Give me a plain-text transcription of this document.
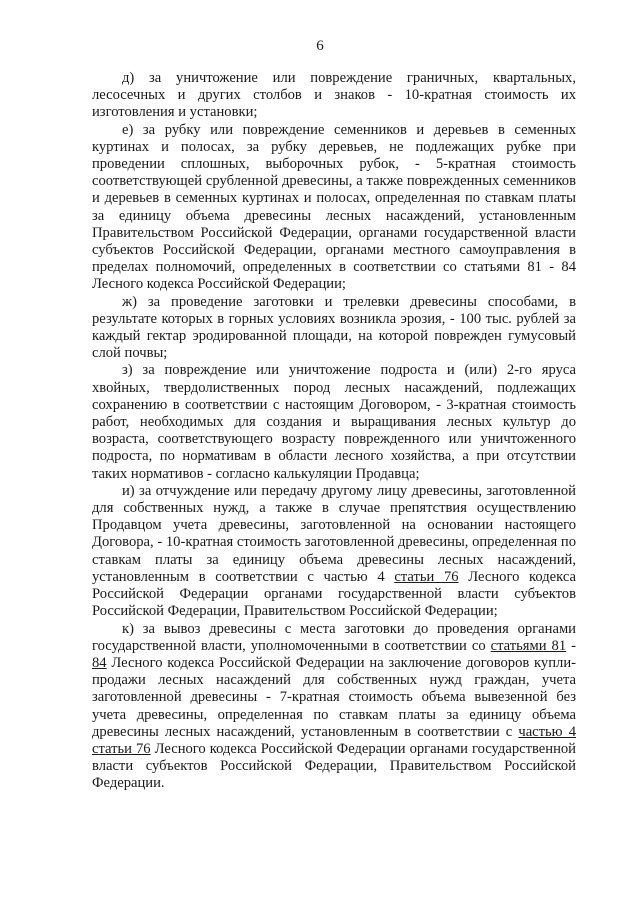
6

д) за уничтожение или повреждение граничных, квартальных, лесосечных и других столбов и знаков - 10-кратная стоимость их изготовления и установки;

е) за рубку или повреждение семенников и деревьев в семенных куртинах и полосах, за рубку деревьев, не подлежащих рубке при проведении сплошных, выборочных рубок, - 5-кратная стоимость соответствующей срубленной древесины, а также поврежденных семенников и деревьев в семенных куртинах и полосах, определенная по ставкам платы за единицу объема древесины лесных насаждений, установленным Правительством Российской Федерации, органами государственной власти субъектов Российской Федерации, органами местного самоуправления в пределах полномочий, определенных в соответствии со статьями 81 - 84 Лесного кодекса Российской Федерации;

ж) за проведение заготовки и трелевки древесины способами, в результате которых в горных условиях возникла эрозия, - 100 тыс. рублей за каждый гектар эродированной площади, на которой поврежден гумусовый слой почвы;

з) за повреждение или уничтожение подроста и (или) 2-го яруса хвойных, твердолиственных пород лесных насаждений, подлежащих сохранению в соответствии с настоящим Договором, - 3-кратная стоимость работ, необходимых для создания и выращивания лесных культур до возраста, соответствующего возрасту поврежденного или уничтоженного подроста, по нормативам в области лесного хозяйства, а при отсутствии таких нормативов - согласно калькуляции Продавца;

и) за отчуждение или передачу другому лицу древесины, заготовленной для собственных нужд, а также в случае препятствия осуществлению Продавцом учета древесины, заготовленной на основании настоящего Договора, - 10-кратная стоимость заготовленной древесины, определенная по ставкам платы за единицу объема древесины лесных насаждений, установленным в соответствии с частью 4 статьи 76 Лесного кодекса Российской Федерации органами государственной власти субъектов Российской Федерации, Правительством Российской Федерации;

к) за вывоз древесины с места заготовки до проведения органами государственной власти, уполномоченными в соответствии со статьями 81 - 84 Лесного кодекса Российской Федерации на заключение договоров купли-продажи лесных насаждений для собственных нужд граждан, учета заготовленной древесины - 7-кратная стоимость объема вывезенной без учета древесины, определенная по ставкам платы за единицу объема древесины лесных насаждений, установленным в соответствии с частью 4 статьи 76 Лесного кодекса Российской Федерации органами государственной власти субъектов Российской Федерации, Правительством Российской Федерации.
